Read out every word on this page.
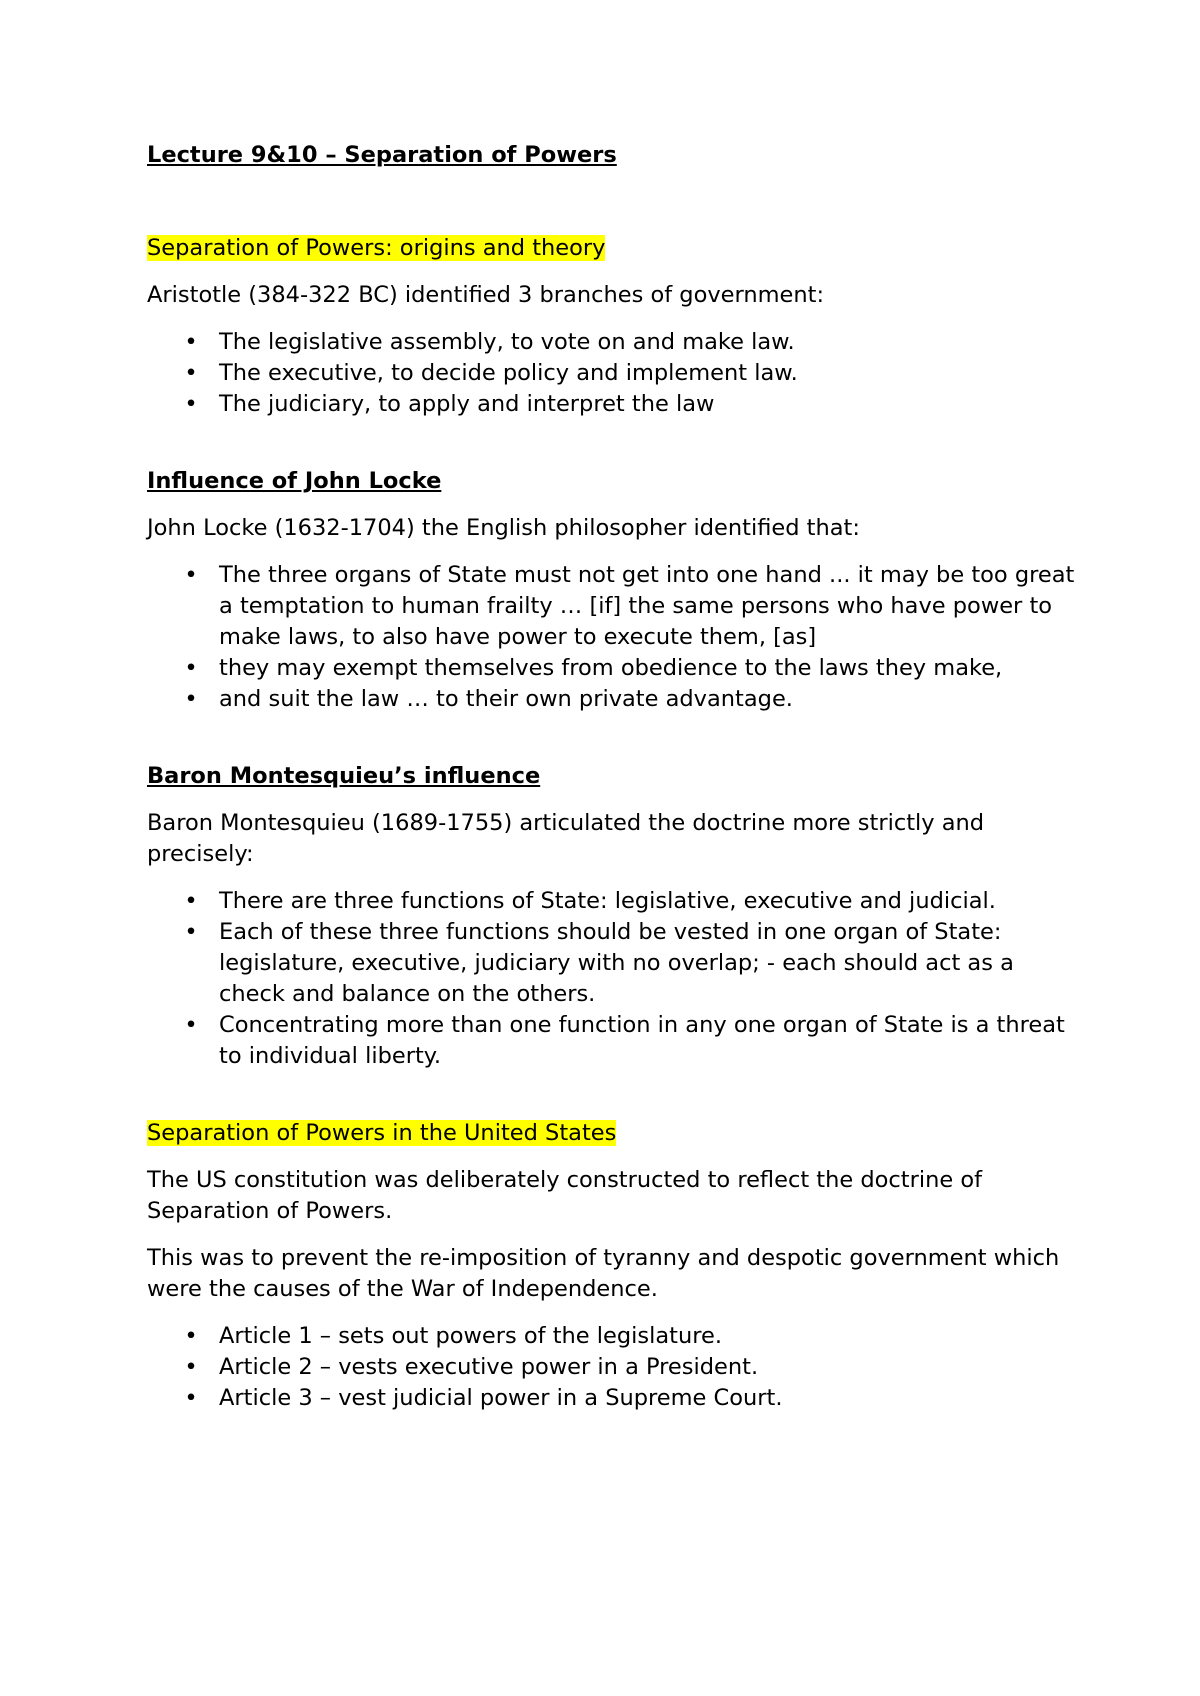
Lecture 9&10 – Separation of Powers
Separation of Powers: origins and theory

Aristotle (384-322 BC) identified 3 branches of government:

• The legislative assembly, to vote on and make law.
• The executive, to decide policy and implement law.
• The judiciary, to apply and interpret the law
Influence of John Locke

John Locke (1632-1704) the English philosopher identified that:

• The three organs of State must not get into one hand ... it may be too great a temptation to human frailty … [if] the same persons who have power to make laws, to also have power to execute them, [as]
• they may exempt themselves from obedience to the laws they make,
• and suit the law … to their own private advantage.
Baron Montesquieu’s influence

Baron Montesquieu (1689-1755) articulated the doctrine more strictly and precisely:

• There are three functions of State: legislative, executive and judicial.
• Each of these three functions should be vested in one organ of State: legislature, executive, judiciary with no overlap; - each should act as a check and balance on the others.
• Concentrating more than one function in any one organ of State is a threat to individual liberty.
Separation of Powers in the United States

The US constitution was deliberately constructed to reflect the doctrine of Separation of Powers.

This was to prevent the re-imposition of tyranny and despotic government which were the causes of the War of Independence.

• Article 1 – sets out powers of the legislature.
• Article 2 – vests executive power in a President.
• Article 3 – vest judicial power in a Supreme Court.
